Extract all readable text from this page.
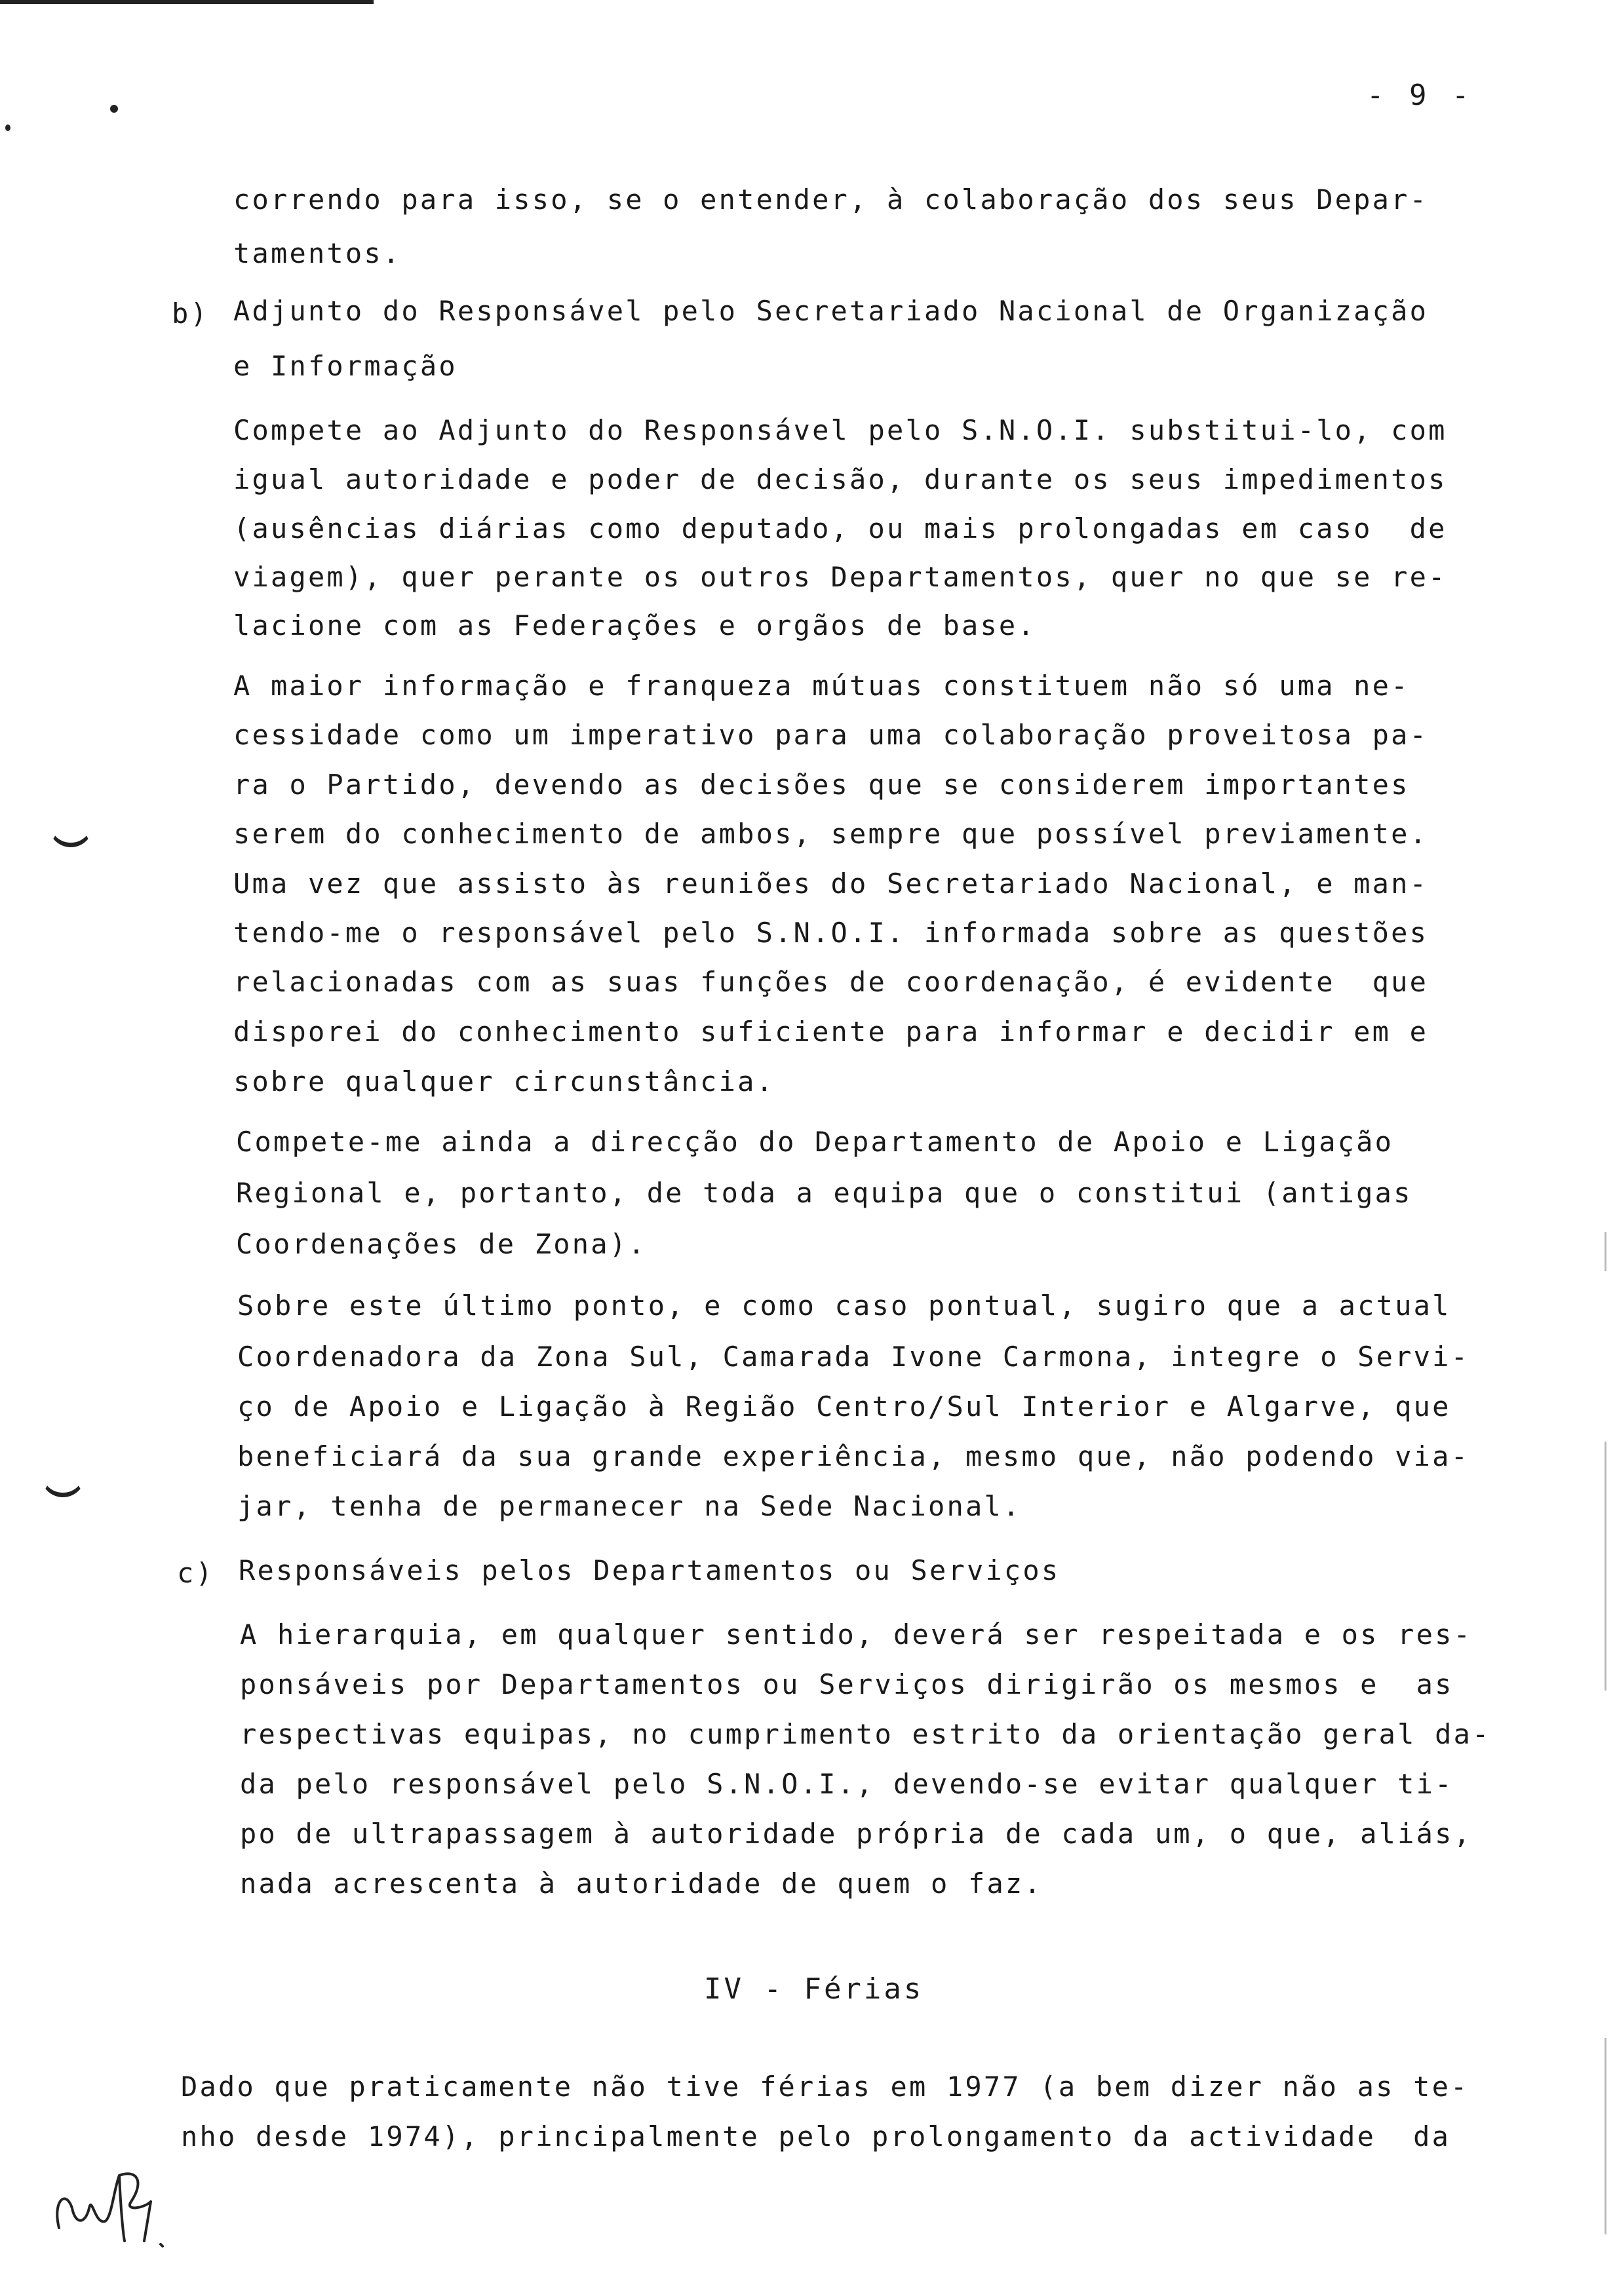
- 9 -
correndo para isso, se o entender, à colaboração dos seus Depar-
tamentos.
b) Adjunto do Responsável pelo Secretariado Nacional de Organização
e Informação
Compete ao Adjunto do Responsável pelo S.N.O.I. substitui-lo, com
igual autoridade e poder de decisão, durante os seus impedimentos
(ausências diárias como deputado, ou mais prolongadas em caso  de
viagem), quer perante os outros Departamentos, quer no que se re-
lacione com as Federações e orgãos de base.
A maior informação e franqueza mútuas constituem não só uma ne-
cessidade como um imperativo para uma colaboração proveitosa pa-
ra o Partido, devendo as decisões que se considerem importantes
serem do conhecimento de ambos, sempre que possível previamente.
Uma vez que assisto às reuniões do Secretariado Nacional, e man-
tendo-me o responsável pelo S.N.O.I. informada sobre as questões
relacionadas com as suas funções de coordenação, é evidente  que
disporei do conhecimento suficiente para informar e decidir em e
sobre qualquer circunstância.
Compete-me ainda a direcção do Departamento de Apoio e Ligação
Regional e, portanto, de toda a equipa que o constitui (antigas
Coordenações de Zona).
Sobre este último ponto, e como caso pontual, sugiro que a actual
Coordenadora da Zona Sul, Camarada Ivone Carmona, integre o Servi-
ço de Apoio e Ligação à Região Centro/Sul Interior e Algarve, que
beneficiará da sua grande experiência, mesmo que, não podendo via-
jar, tenha de permanecer na Sede Nacional.
c) Responsáveis pelos Departamentos ou Serviços
A hierarquia, em qualquer sentido, deverá ser respeitada e os res-
ponsáveis por Departamentos ou Serviços dirigirão os mesmos e  as
respectivas equipas, no cumprimento estrito da orientação geral da-
da pelo responsável pelo S.N.O.I., devendo-se evitar qualquer ti-
po de ultrapassagem à autoridade própria de cada um, o que, aliás,
nada acrescenta à autoridade de quem o faz.
IV - Férias
Dado que praticamente não tive férias em 1977 (a bem dizer não as te-
nho desde 1974), principalmente pelo prolongamento da actividade  da
